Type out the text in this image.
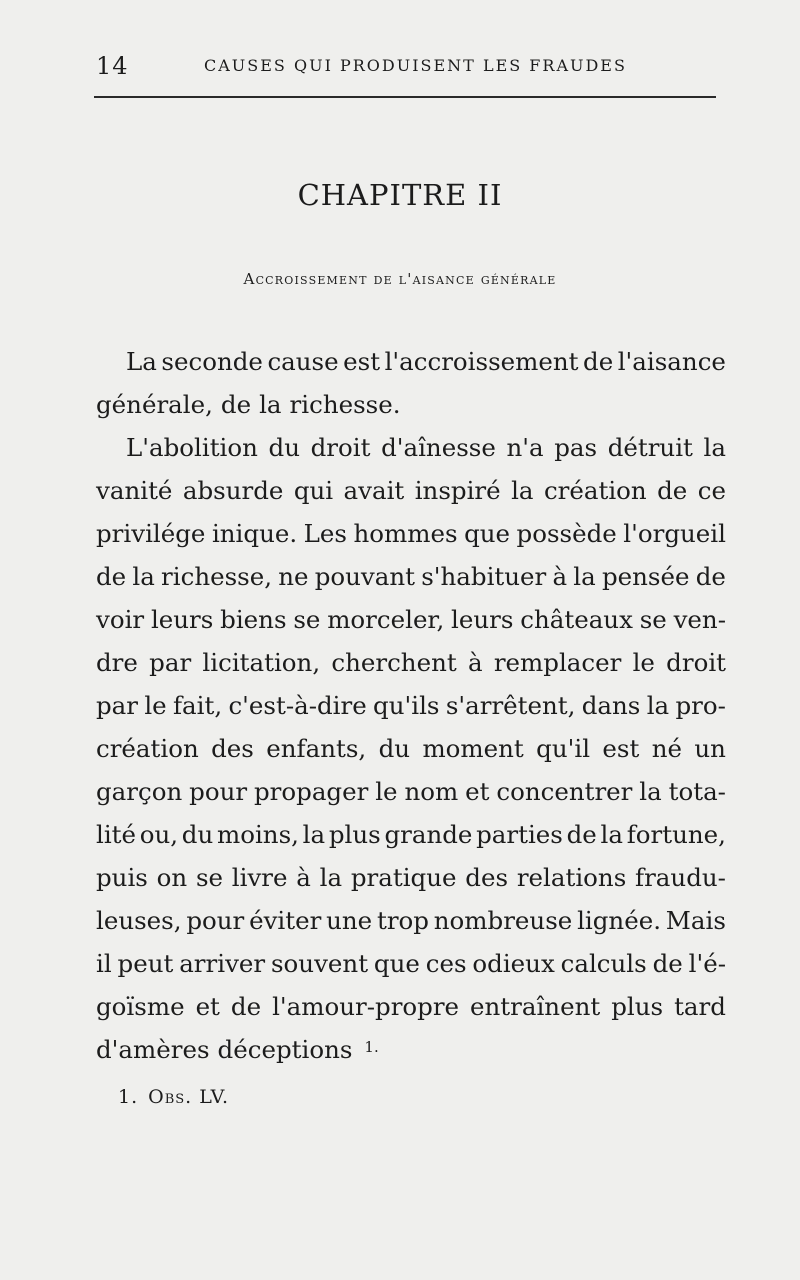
14	CAUSES QUI PRODUISENT LES FRAUDES
CHAPITRE II
Accroissement de l'aisance générale
La seconde cause est l'accroissement de l'aisance
générale, de la richesse.
L'abolition du droit d'aînesse n'a pas détruit la
vanité absurde qui avait inspiré la création de ce
privilége inique. Les hommes que possède l'orgueil
de la richesse, ne pouvant s'habituer à la pensée de
voir leurs biens se morceler, leurs châteaux se ven-
dre par licitation, cherchent à remplacer le droit
par le fait, c'est-à-dire qu'ils s'arrêtent, dans la pro-
création des enfants, du moment qu'il est né un
garçon pour propager le nom et concentrer la tota-
lité ou, du moins, la plus grande parties de la fortune,
puis on se livre à la pratique des relations fraudu-
leuses, pour éviter une trop nombreuse lignée. Mais
il peut arriver souvent que ces odieux calculs de l'é-
goïsme et de l'amour-propre entraînent plus tard
d'amères déceptions 1.
1. Obs. LV.
